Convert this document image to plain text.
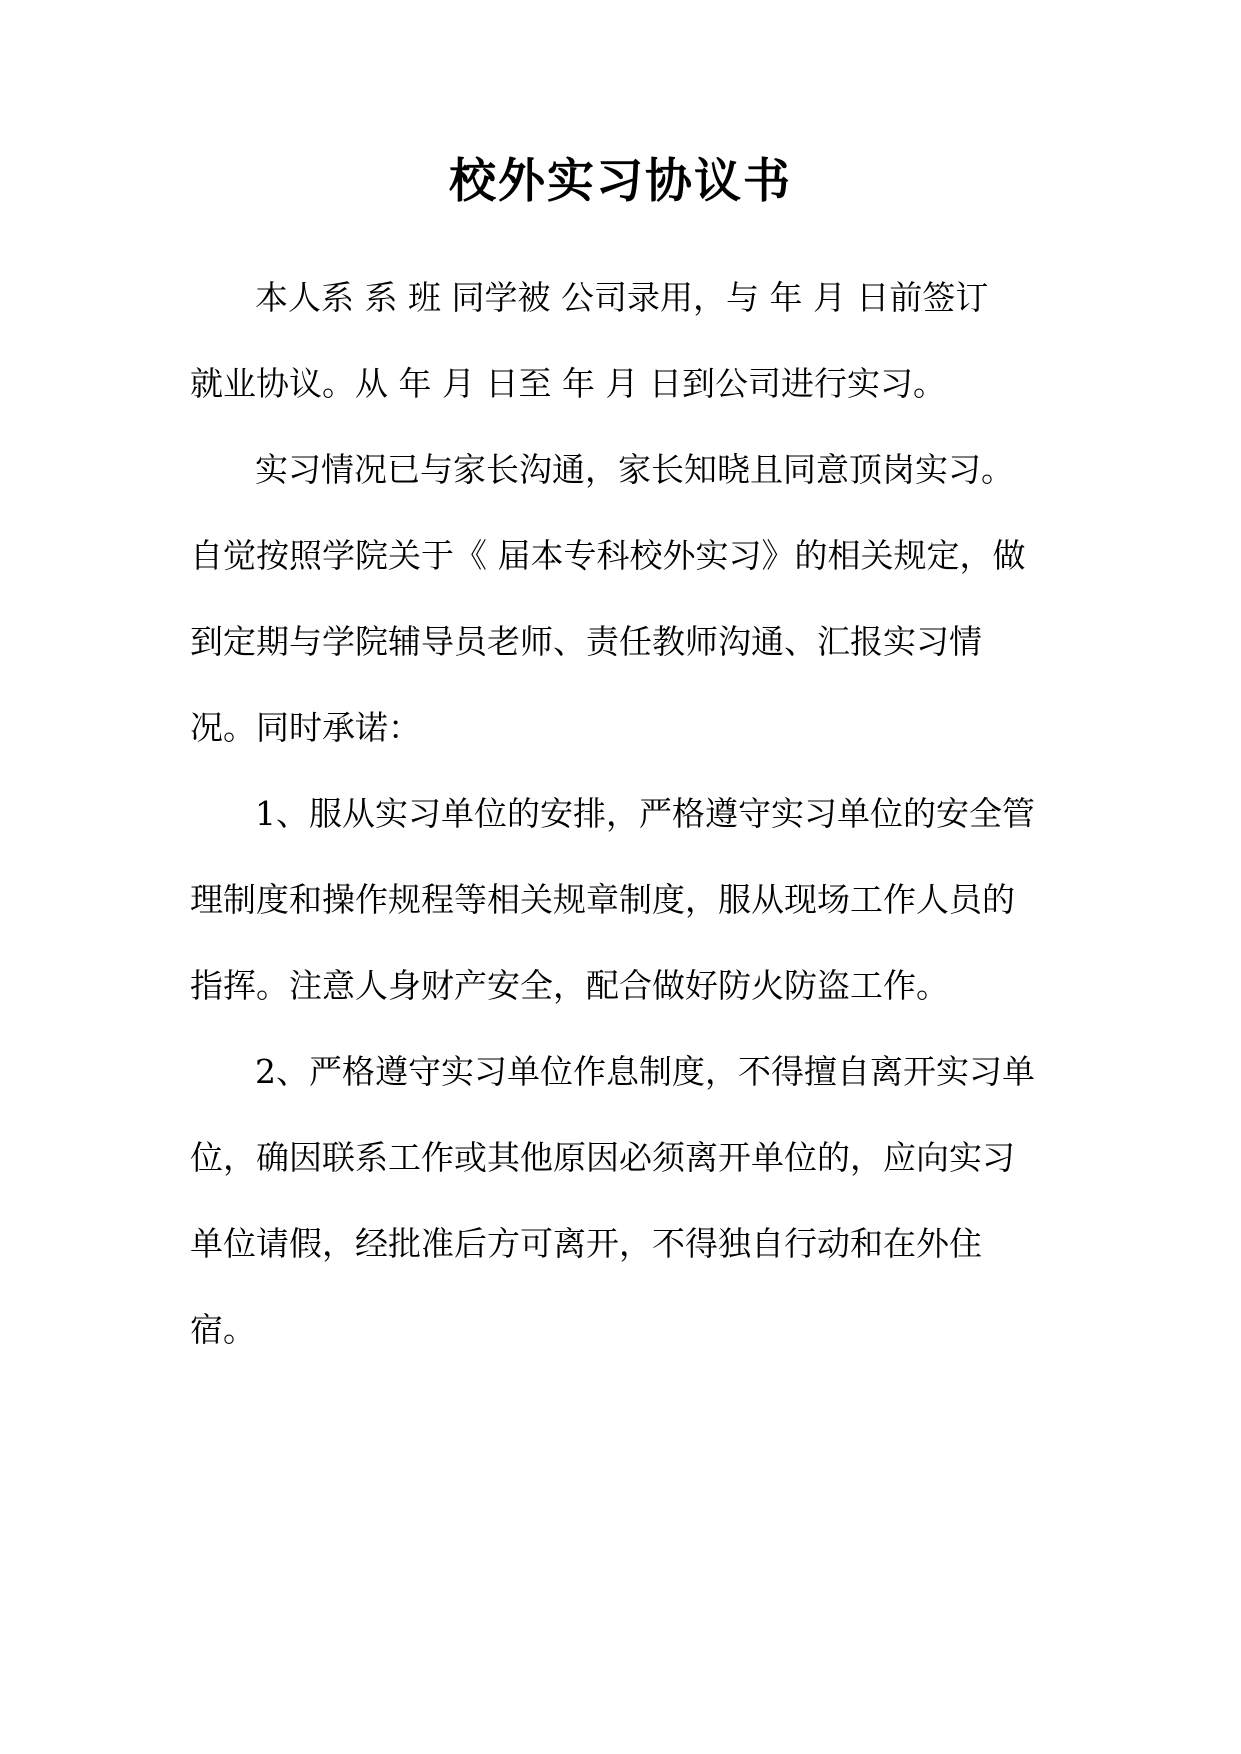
校外实习协议书
本人系 系 班 同学被 公司录用，与 年 月 日前签订
就业协议。从 年 月 日至 年 月 日到公司进行实习。
实习情况已与家长沟通，家长知晓且同意顶岗实习。
自觉按照学院关于《 届本专科校外实习》的相关规定，做
到定期与学院辅导员老师、责任教师沟通、汇报实习情
况。同时承诺：
1、服从实习单位的安排，严格遵守实习单位的安全管
理制度和操作规程等相关规章制度，服从现场工作人员的
指挥。注意人身财产安全，配合做好防火防盗工作。
2、严格遵守实习单位作息制度，不得擅自离开实习单
位，确因联系工作或其他原因必须离开单位的，应向实习
单位请假，经批准后方可离开，不得独自行动和在外住
宿。
